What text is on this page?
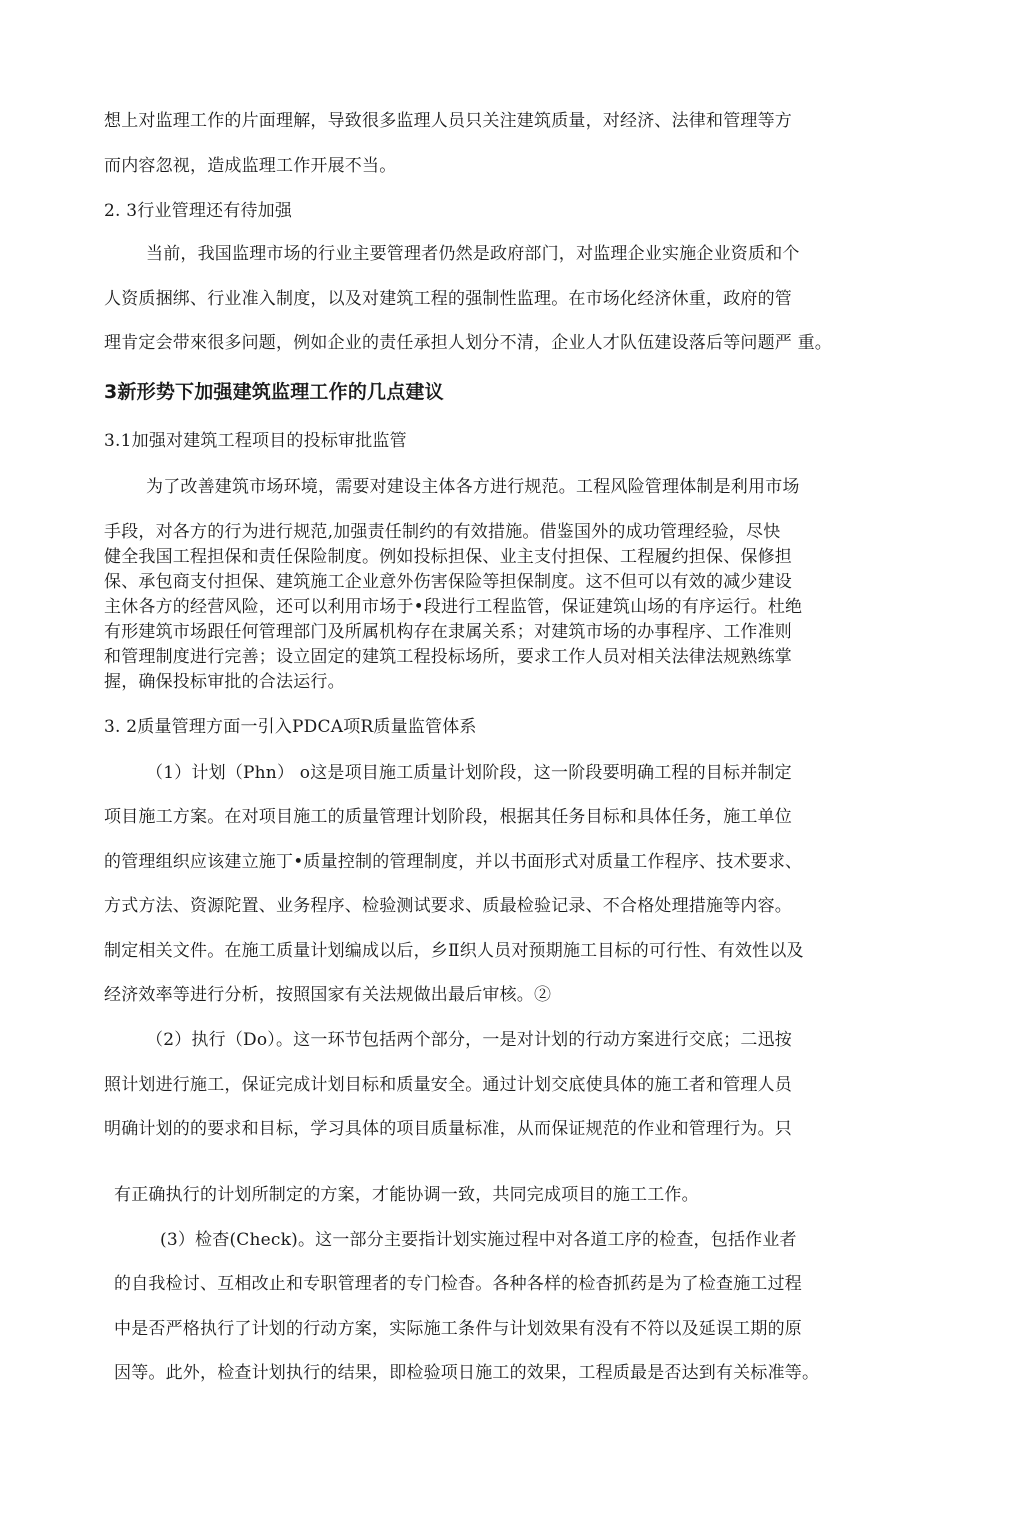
想上对监理工作的片面理解，导致很多监理人员只关注建筑质量，对经济、法律和管理等方

而内容忽视，造成监理工作开展不当。

2. 3行业管理还有待加强

当前，我国监理市场的行业主要管理者仍然是政府部门，对监理企业实施企业资质和个

人资质捆绑、行业准入制度，以及对建筑工程的强制性监理。在市场化经济休重，政府的管

理肯定会带來很多问题，例如企业的责任承担人划分不清，企业人才队伍建设落后等问题严 重。

3新形势下加强建筑监理工作的几点建议

3.1加强对建筑工程项目的投标审批监管

为了改善建筑市场环境，需要对建设主体各方进行规范。工程风险管理体制是利用市场

手段，对各方的行为进行规范,加强责任制约的有效措施。借鉴国外的成功管理经验，尽快

健全我国工程担保和责任保险制度。例如投标担保、业主支付担保、工程履约担保、保修担

保、承包商支付担保、建筑施工企业意外伤害保险等担保制度。这不但可以有效的减少建设

主休各方的经营风险，还可以利用市场于•段进行工程监管，保证建筑山场的有序运行。杜绝

有形建筑市场跟任何管理部门及所属机构存在隶属关系；对建筑市场的办事程序、工作准则

和管理制度进行完善；设立固定的建筑工程投标场所，要求工作人员对相关法律法规熟练掌

握，确保投标审批的合法运行。

3. 2质量管理方面一引入PDCA项R质量监管体系

（1）计划（Phn） o这是项目施工质量计划阶段，这一阶段要明确工程的目标并制定

项目施工方案。在对项目施工的质量管理计划阶段，根据其任务目标和具体任务，施工单位

的管理组织应该建立施丁•质量控制的管理制度，并以书面形式对质量工作程序、技术要求、

方式方法、资源陀置、业务程序、检验测试要求、质最检验记录、不合格处理措施等内容。

制定相关文件。在施工质量计划编成以后，乡Ⅱ织人员对预期施工目标的可行性、有效性以及

经济效率等进行分析，按照国家有关法规做出最后审核。②

（2）执行（Do）。这一环节包括两个部分，一是对计划的行动方案进行交底；二迅按

照计划进行施工，保证完成计划目标和质量安全。通过计划交底使具体的施工者和管理人员

明确计划的的要求和目标，学习具体的项目质量标准，从而保证规范的作业和管理行为。只

有正确执行的计划所制定的方案，才能协调一致，共同完成项目的施工工作。

(3）检杳(Check)。这一部分主要指计划实施过程中对各道工序的检查，包括作业者

的自我检讨、互相改止和专职管理者的专门检杳。各种各样的检杳抓药是为了检查施工过程

中是否严格执行了计划的行动方案，实际施工条件与计划效果有没有不符以及延误工期的原

因等。此外，检查计划执行的结果，即检验项日施工的效果，工程质最是否达到有关标准等。
